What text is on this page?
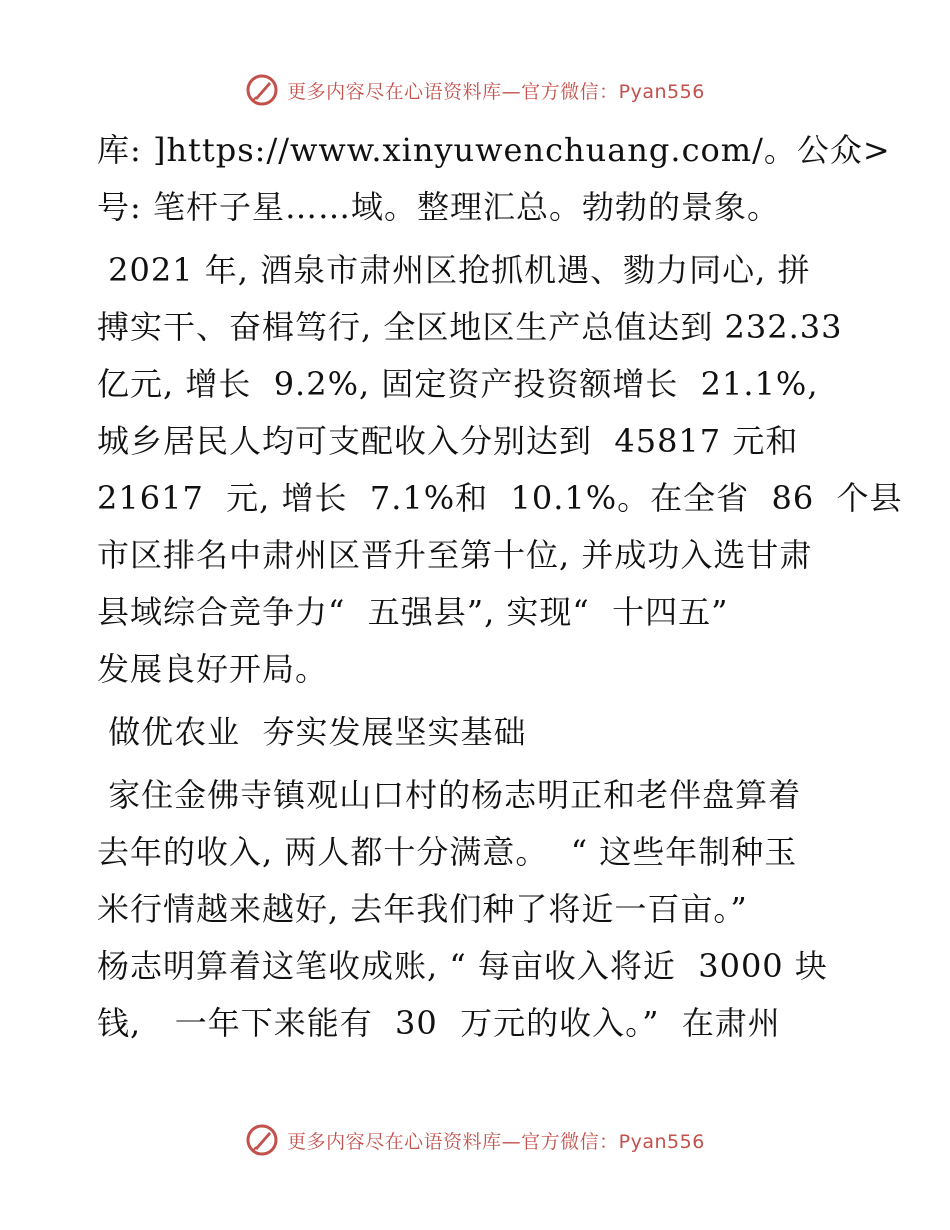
更多内容尽在心语资料库—官方微信：Pyan556
库: ]https://www.xinyuwenchuang.com/。公众>
号: 笔杆子星……域。整理汇总。勃勃的景象。
2021 年, 酒泉市肃州区抢抓机遇、勠力同心, 拼
搏实干、奋楫笃行, 全区地区生产总值达到 232.33
亿元, 增长  9.2%, 固定资产投资额增长  21.1%,
城乡居民人均可支配收入分别达到  45817 元和
21617  元, 增长  7.1%和  10.1%。在全省  86  个县
市区排名中肃州区晋升至第十位, 并成功入选甘肃
县域综合竞争力“  五强县”, 实现“  十四五”
发展良好开局。
做优农业  夯实发展坚实基础
家住金佛寺镇观山口村的杨志明正和老伴盘算着
去年的收入, 两人都十分满意。  “ 这些年制种玉
米行情越来越好, 去年我们种了将近一百亩。”
杨志明算着这笔收成账, “ 每亩收入将近  3000 块
钱,   一年下来能有  30  万元的收入。”  在肃州
更多内容尽在心语资料库—官方微信：Pyan556
